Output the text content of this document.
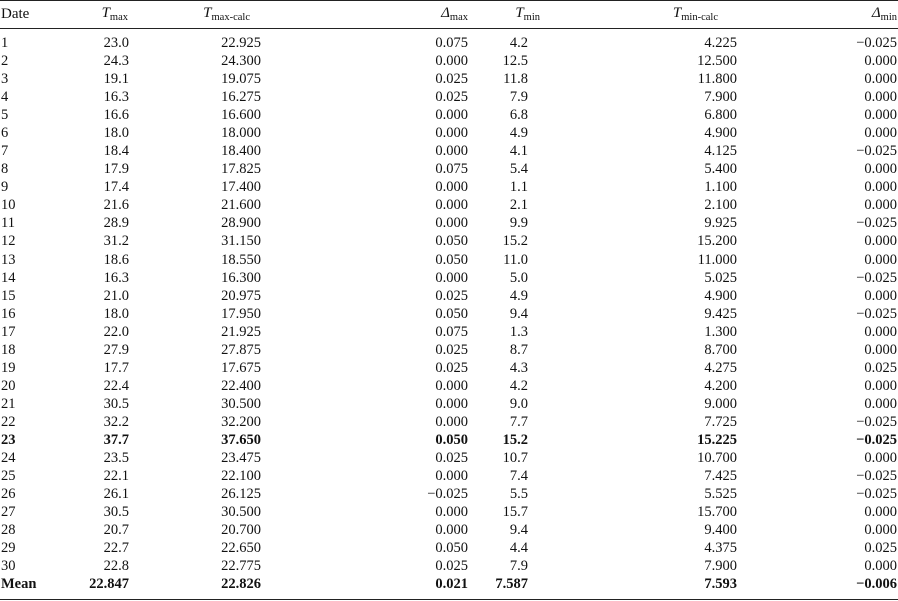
Date	$T_{max}$	$T_{max-calc}$	$\Delta_{max}$	$T_{min}$	$T_{min-calc}$	$\Delta_{min}$
1	23.0	22.925	0.075	4.2	4.225	−0.025
2	24.3	24.300	0.000	12.5	12.500	0.000
3	19.1	19.075	0.025	11.8	11.800	0.000
4	16.3	16.275	0.025	7.9	7.900	0.000
5	16.6	16.600	0.000	6.8	6.800	0.000
6	18.0	18.000	0.000	4.9	4.900	0.000
7	18.4	18.400	0.000	4.1	4.125	−0.025
8	17.9	17.825	0.075	5.4	5.400	0.000
9	17.4	17.400	0.000	1.1	1.100	0.000
10	21.6	21.600	0.000	2.1	2.100	0.000
11	28.9	28.900	0.000	9.9	9.925	−0.025
12	31.2	31.150	0.050	15.2	15.200	0.000
13	18.6	18.550	0.050	11.0	11.000	0.000
14	16.3	16.300	0.000	5.0	5.025	−0.025
15	21.0	20.975	0.025	4.9	4.900	0.000
16	18.0	17.950	0.050	9.4	9.425	−0.025
17	22.0	21.925	0.075	1.3	1.300	0.000
18	27.9	27.875	0.025	8.7	8.700	0.000
19	17.7	17.675	0.025	4.3	4.275	0.025
20	22.4	22.400	0.000	4.2	4.200	0.000
21	30.5	30.500	0.000	9.0	9.000	0.000
22	32.2	32.200	0.000	7.7	7.725	−0.025
23	37.7	37.650	0.050	15.2	15.225	−0.025
24	23.5	23.475	0.025	10.7	10.700	0.000
25	22.1	22.100	0.000	7.4	7.425	−0.025
26	26.1	26.125	−0.025	5.5	5.525	−0.025
27	30.5	30.500	0.000	15.7	15.700	0.000
28	20.7	20.700	0.000	9.4	9.400	0.000
29	22.7	22.650	0.050	4.4	4.375	0.025
30	22.8	22.775	0.025	7.9	7.900	0.000
Mean	22.847	22.826	0.021	7.587	7.593	−0.006
